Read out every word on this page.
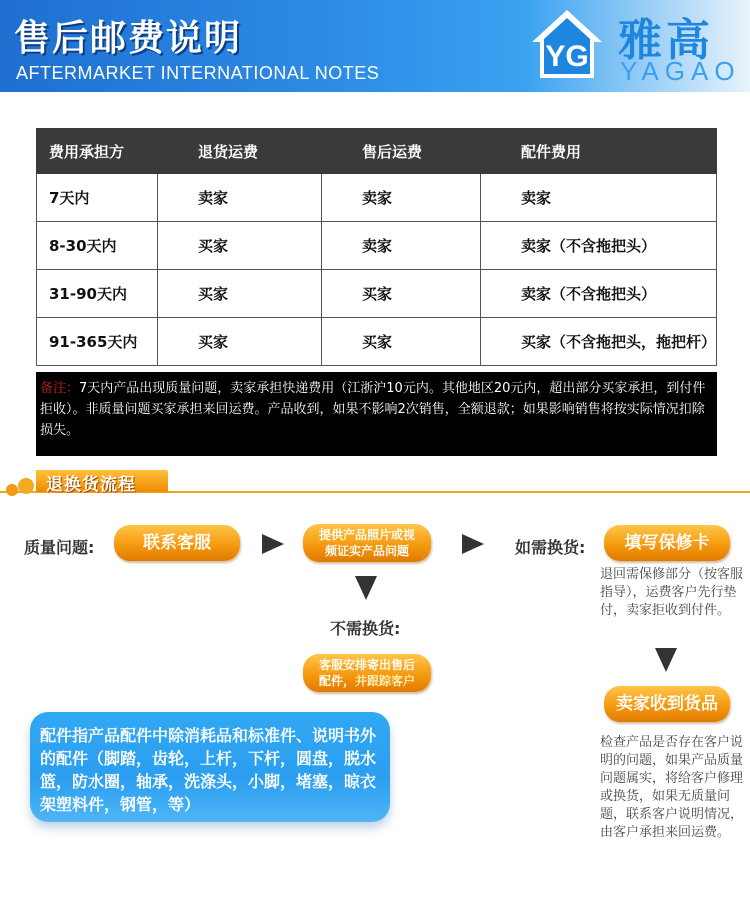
售后邮费说明
AFTERMARKET INTERNATIONAL NOTES	YG 雅高
YAGAO
费用承担方	退货运费	售后运费	配件费用
7天内	卖家	卖家	卖家
8-30天内	买家	卖家	卖家（不含拖把头）
31-90天内	买家	买家	卖家（不含拖把头）
91-365天内	买家	买家	买家（不含拖把头，拖把杆）
备注：7天内产品出现质量问题，卖家承担快递费用（江浙沪10元内。其他地区20元内，超出部分买家承担，到付件拒收）。非质量问题买家承担来回运费。产品收到，如果不影响2次销售，全额退款；如果影响销售将按实际情况扣除损失。
退换货流程
质量问题:	联系客服	提供产品照片或视
频证实产品问题	如需换货:	填写保修卡
不需换货:
客服安排寄出售后
配件，并跟踪客户
退回需保修部分（按客服指导），运费客户先行垫付，卖家拒收到付件。
卖家收到货品
检查产品是否存在客户说明的问题，如果产品质量问题属实，将给客户修理或换货，如果无质量问题，联系客户说明情况，由客户承担来回运费。
配件指产品配件中除消耗品和标准件、说明书外的配件（脚踏，齿轮，上杆，下杆，圆盘，脱水篮，防水圈，轴承，洗涤头，小脚，堵塞，晾衣架塑料件，钢管，等）
